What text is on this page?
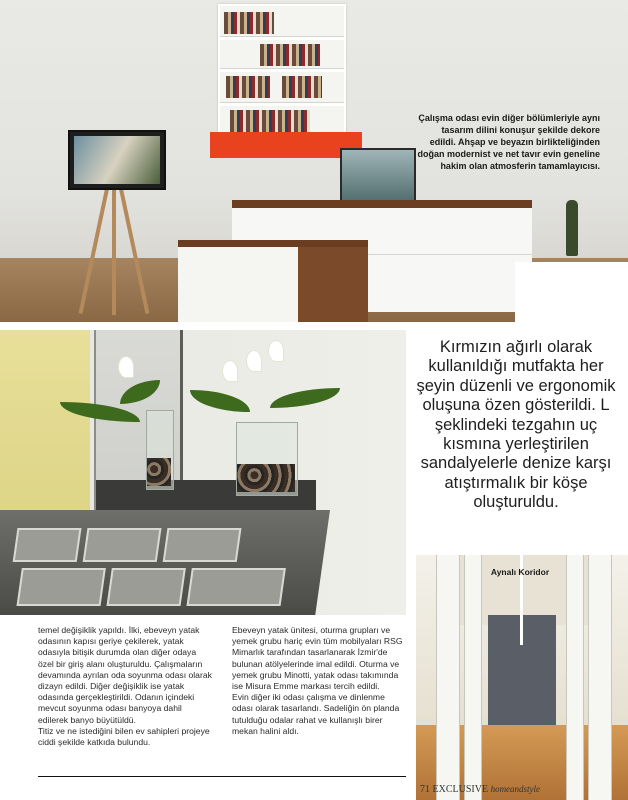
Çalışma odası evin diğer bölümleriyle aynı tasarım dilini konuşur şekilde dekore edildi. Ahşap ve beyazın birlikteliğinden doğan modernist ve net tavır evin geneline hakim olan atmosferin tamamlayıcısı.

Kırmızın ağırlı olarak kullanıldığı mutfakta her şeyin düzenli ve ergonomik oluşuna özen gösterildi. L şeklindeki tezgahın uç kısmına yerleştirilen sandalyelerle denize karşı atıştırmalık bir köşe oluşturuldu.

Aynalı Koridor

temel değişiklik yapıldı. İlki, ebeveyn yatak odasının kapısı geriye çekilerek, yatak odasıyla bitişik durumda olan diğer odaya özel bir giriş alanı oluşturuldu. Çalışmaların devamında ayrılan oda soyunma odası olarak dizayn edildi. Diğer değişiklik ise yatak odasında gerçekleştirildi. Odanın içindeki mevcut soyunma odası banyoya dahil edilerek banyo büyütüldü.

Titiz ve ne istediğini bilen ev sahipleri projeye ciddi şekilde katkıda bulundu.

Ebeveyn yatak ünitesi, oturma grupları ve yemek grubu hariç evin tüm mobilyaları RSG Mimarlık tarafından tasarlanarak İzmir'de bulunan atölyelerinde imal edildi. Oturma ve yemek grubu Minotti, yatak odası takımında ise Misura Emme markası tercih edildi.

Evin diğer iki odası çalışma ve dinlenme odası olarak tasarlandı. Sadeliğin ön planda tutulduğu odalar rahat ve kullanışlı birer mekan halini aldı.

71 EXCLUSIVE homeandstyle
